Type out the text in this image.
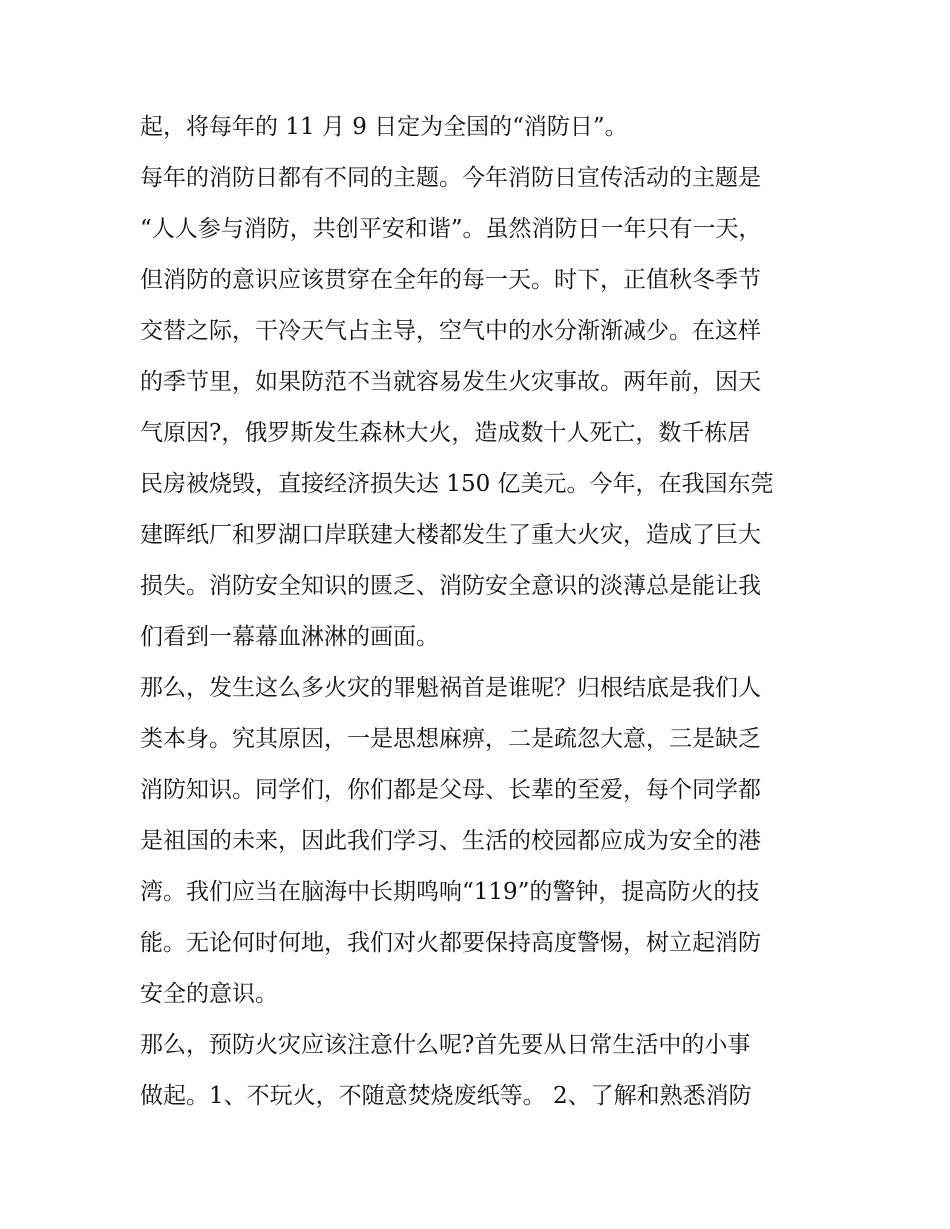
起，将每年的 11 月 9 日定为全国的“消防日”。
每年的消防日都有不同的主题。今年消防日宣传活动的主题是
“人人参与消防，共创平安和谐”。虽然消防日一年只有一天，
但消防的意识应该贯穿在全年的每一天。时下，正值秋冬季节
交替之际，干冷天气占主导，空气中的水分渐渐减少。在这样
的季节里，如果防范不当就容易发生火灾事故。两年前，因天
气原因?，俄罗斯发生森林大火，造成数十人死亡，数千栋居
民房被烧毁，直接经济损失达 150 亿美元。今年，在我国东莞
建晖纸厂和罗湖口岸联建大楼都发生了重大火灾，造成了巨大
损失。消防安全知识的匮乏、消防安全意识的淡薄总是能让我
们看到一幕幕血淋淋的画面。
那么，发生这么多火灾的罪魁祸首是谁呢？归根结底是我们人
类本身。究其原因，一是思想麻痹，二是疏忽大意，三是缺乏
消防知识。同学们，你们都是父母、长辈的至爱，每个同学都
是祖国的未来，因此我们学习、生活的校园都应成为安全的港
湾。我们应当在脑海中长期鸣响“119”的警钟，提高防火的技
能。无论何时何地，我们对火都要保持高度警惕，树立起消防
安全的意识。
那么，预防火灾应该注意什么呢?首先要从日常生活中的小事
做起。1、不玩火，不随意焚烧废纸等。 2、了解和熟悉消防
